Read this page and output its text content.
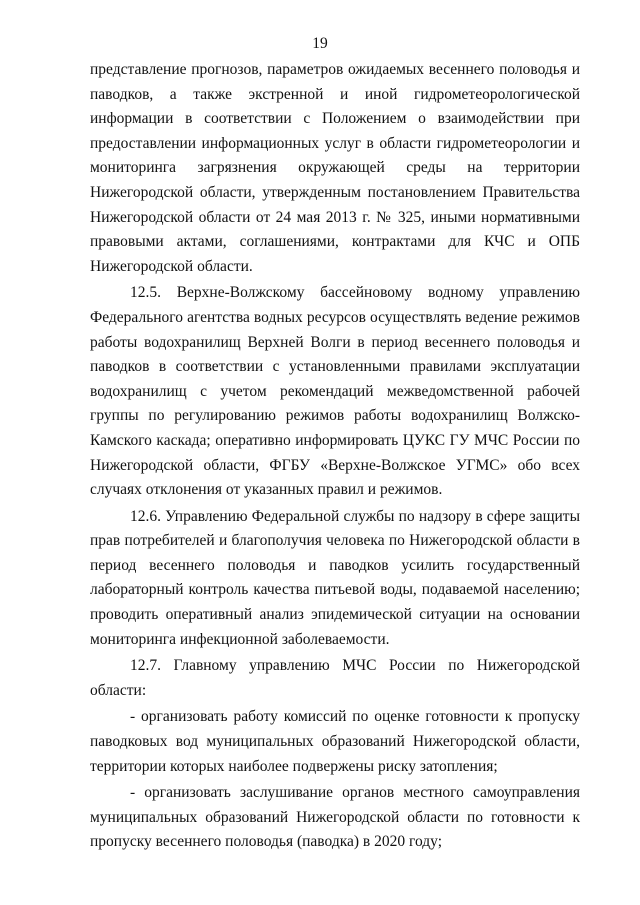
19

представление прогнозов, параметров ожидаемых весеннего половодья и паводков, а также экстренной и иной гидрометеорологической информации в соответствии с Положением о взаимодействии при предоставлении информационных услуг в области гидрометеорологии и мониторинга загрязнения окружающей среды на территории Нижегородской области, утвержденным постановлением Правительства Нижегородской области от 24 мая 2013 г. № 325, иными нормативными правовыми актами, соглашениями, контрактами для КЧС и ОПБ Нижегородской области.

12.5. Верхне-Волжскому бассейновому водному управлению Федерального агентства водных ресурсов осуществлять ведение режимов работы водохранилищ Верхней Волги в период весеннего половодья и паводков в соответствии с установленными правилами эксплуатации водохранилищ с учетом рекомендаций межведомственной рабочей группы по регулированию режимов работы водохранилищ Волжско-Камского каскада; оперативно информировать ЦУКС ГУ МЧС России по Нижегородской области, ФГБУ «Верхне-Волжское УГМС» обо всех случаях отклонения от указанных правил и режимов.

12.6. Управлению Федеральной службы по надзору в сфере защиты прав потребителей и благополучия человека по Нижегородской области в период весеннего половодья и паводков усилить государственный лабораторный контроль качества питьевой воды, подаваемой населению; проводить оперативный анализ эпидемической ситуации на основании мониторинга инфекционной заболеваемости.

12.7. Главному управлению МЧС России по Нижегородской области:

- организовать работу комиссий по оценке готовности к пропуску паводковых вод муниципальных образований Нижегородской области, территории которых наиболее подвержены риску затопления;

- организовать заслушивание органов местного самоуправления муниципальных образований Нижегородской области по готовности к пропуску весеннего половодья (паводка) в 2020 году;
